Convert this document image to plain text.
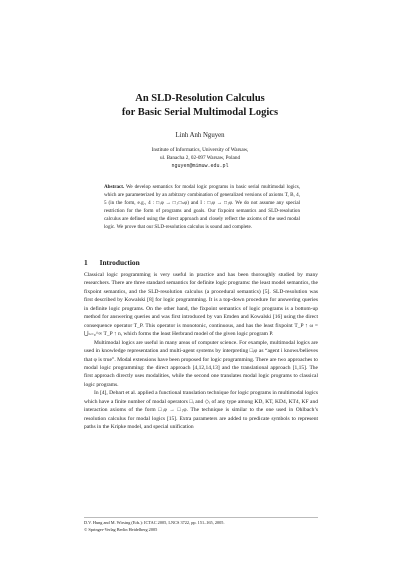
An SLD-Resolution Calculus
for Basic Serial Multimodal Logics
Linh Anh Nguyen
Institute of Informatics, University of Warsaw,
ul. Banacha 2, 02-097 Warsaw, Poland
nguyen@mimuw.edu.pl
Abstract. We develop semantics for modal logic programs in basic serial multimodal logics, which are parameterized by an arbitrary combination of generalized versions of axioms T, B, 4, 5 (in the form, e.g., 4 : □ᵢφ → □ⱼ□ₖφ) and I : □ᵢφ → □ⱼφ. We do not assume any special restriction for the form of programs and goals. Our fixpoint semantics and SLD-resolution calculus are defined using the direct approach and closely reflect the axioms of the used modal logic. We prove that our SLD-resolution calculus is sound and complete.
1 Introduction

Classical logic programming is very useful in practice and has been thoroughly studied by many researchers. There are three standard semantics for definite logic programs: the least model semantics, the fixpoint semantics, and the SLD-resolution calculus (a procedural semantics) [5]. SLD-resolution was first described by Kowalski [8] for logic programming. It is a top-down procedure for answering queries in definite logic programs. On the other hand, the fixpoint semantics of logic programs is a bottom-up method for answering queries and was first introduced by van Emden and Kowalski [16] using the direct consequence operator T_P. This operator is monotonic, continuous, and has the least fixpoint T_P ↑ ω = ⋃ₙ₌₀^∞ T_P ↑ n, which forms the least Herbrand model of the given logic program P.

Multimodal logics are useful in many areas of computer science. For example, multimodal logics are used in knowledge representation and multi-agent systems by interpreting □ᵢφ as “agent i knows/believes that φ is true”. Modal extensions have been proposed for logic programming. There are two approaches to modal logic programming: the direct approach [4,12,14,13] and the translational approach [1,15]. The first approach directly uses modalities, while the second one translates modal logic programs to classical logic programs.

In [4], Debart et al. applied a functional translation technique for logic programs in multimodal logics which have a finite number of modal operators □ᵢ and ◇ᵢ of any type among KD, KT, KD4, KT4, KF and interaction axioms of the form □ᵢφ → □ⱼφ. The technique is similar to the one used in Ohlbach’s resolution calculus for modal logics [15]. Extra parameters are added to predicate symbols to represent paths in the Kripke model, and special unification

D.V. Hung and M. Wirsing (Eds.): ICTAC 2005, LNCS 3722, pp. 151–165, 2005.
© Springer-Verlag Berlin Heidelberg 2005
